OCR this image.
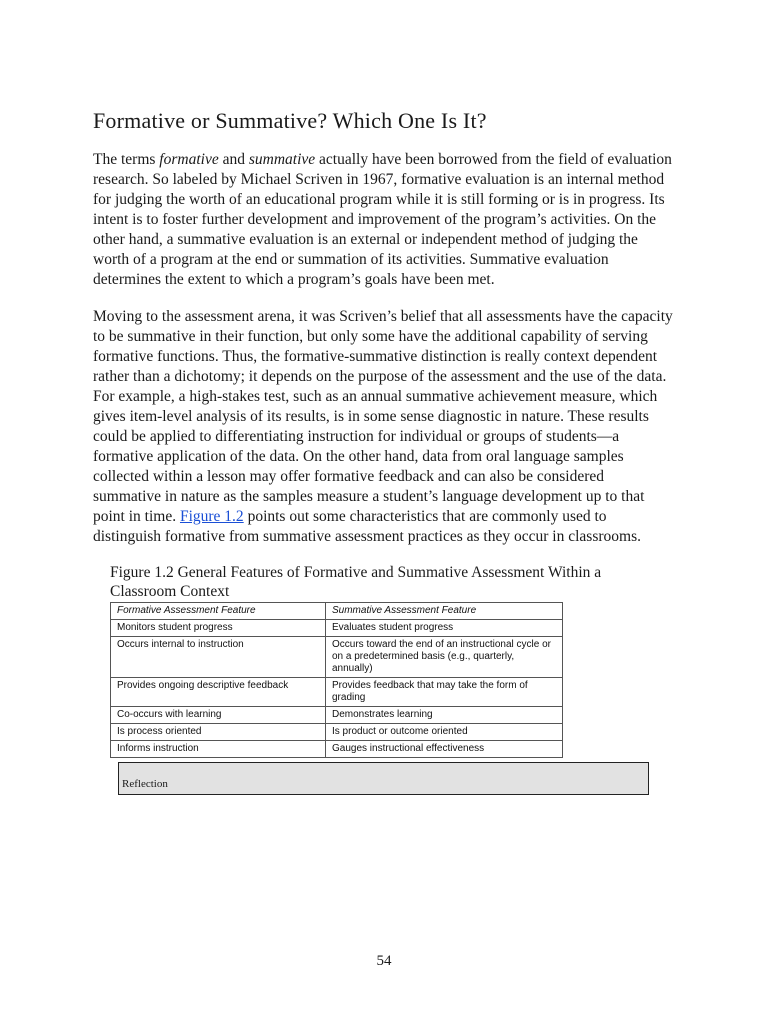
Formative or Summative? Which One Is It?

The terms formative and summative actually have been borrowed from the field of evaluation research. So labeled by Michael Scriven in 1967, formative evaluation is an internal method for judging the worth of an educational program while it is still forming or is in progress. Its intent is to foster further development and improvement of the program’s activities. On the other hand, a summative evaluation is an external or independent method of judging the worth of a program at the end or summation of its activities. Summative evaluation determines the extent to which a program’s goals have been met.

Moving to the assessment arena, it was Scriven’s belief that all assessments have the capacity to be summative in their function, but only some have the additional capability of serving formative functions. Thus, the formative-summative distinction is really context dependent rather than a dichotomy; it depends on the purpose of the assessment and the use of the data. For example, a high-stakes test, such as an annual summative achievement measure, which gives item-level analysis of its results, is in some sense diagnostic in nature. These results could be applied to differentiating instruction for individual or groups of students—a formative application of the data. On the other hand, data from oral language samples collected within a lesson may offer formative feedback and can also be considered summative in nature as the samples measure a student’s language development up to that point in time. Figure 1.2 points out some characteristics that are commonly used to distinguish formative from summative assessment practices as they occur in classrooms.

Figure 1.2 General Features of Formative and Summative Assessment Within a Classroom Context

Formative Assessment Feature	Summative Assessment Feature
Monitors student progress	Evaluates student progress
Occurs internal to instruction	Occurs toward the end of an instructional cycle or on a predetermined basis (e.g., quarterly, annually)
Provides ongoing descriptive feedback	Provides feedback that may take the form of grading
Co-occurs with learning	Demonstrates learning
Is process oriented	Is product or outcome oriented
Informs instruction	Gauges instructional effectiveness
Reflection
54
